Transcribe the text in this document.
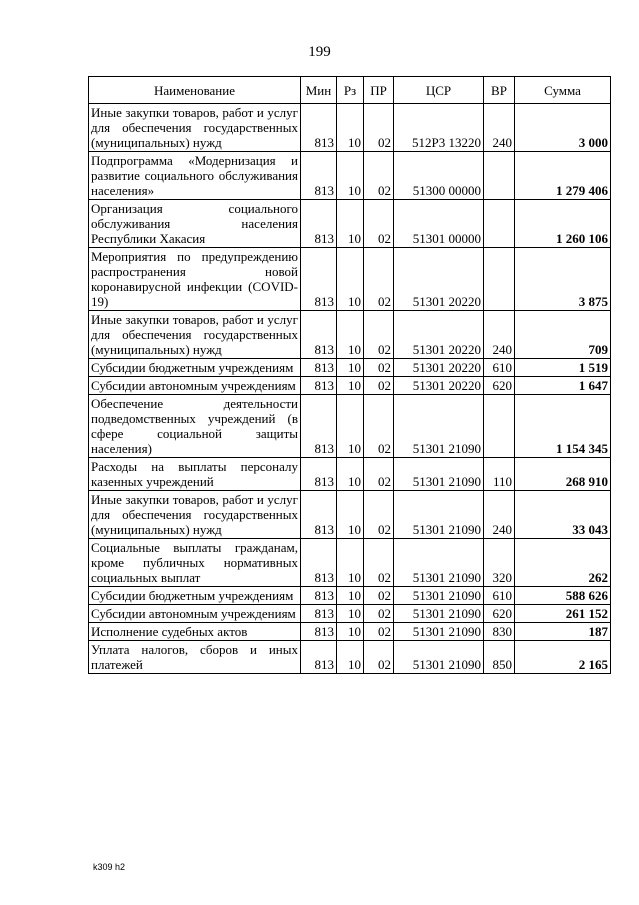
199
Наименование	Мин	Рз	ПР	ЦСР	ВР	Сумма
Иные закупки товаров, работ и услуг для обеспечения государственных (муниципальных) нужд	813	10	02	512Р3 13220	240	3 000
Подпрограмма «Модернизация и развитие социального обслуживания населения»	813	10	02	51300 00000		1 279 406
Организация социального обслуживания населения Республики Хакасия	813	10	02	51301 00000		1 260 106
Мероприятия по предупреждению распространения новой коронавирусной инфекции (COVID-19)	813	10	02	51301 20220		3 875
Иные закупки товаров, работ и услуг для обеспечения государственных (муниципальных) нужд	813	10	02	51301 20220	240	709
Субсидии бюджетным учреждениям	813	10	02	51301 20220	610	1 519
Субсидии автономным учреждениям	813	10	02	51301 20220	620	1 647
Обеспечение деятельности подведомственных учреждений (в сфере социальной защиты населения)	813	10	02	51301 21090		1 154 345
Расходы на выплаты персоналу казенных учреждений	813	10	02	51301 21090	110	268 910
Иные закупки товаров, работ и услуг для обеспечения государственных (муниципальных) нужд	813	10	02	51301 21090	240	33 043
Социальные выплаты гражданам, кроме публичных нормативных социальных выплат	813	10	02	51301 21090	320	262
Субсидии бюджетным учреждениям	813	10	02	51301 21090	610	588 626
Субсидии автономным учреждениям	813	10	02	51301 21090	620	261 152
Исполнение судебных актов	813	10	02	51301 21090	830	187
Уплата налогов, сборов и иных платежей	813	10	02	51301 21090	850	2 165
k309 h2
